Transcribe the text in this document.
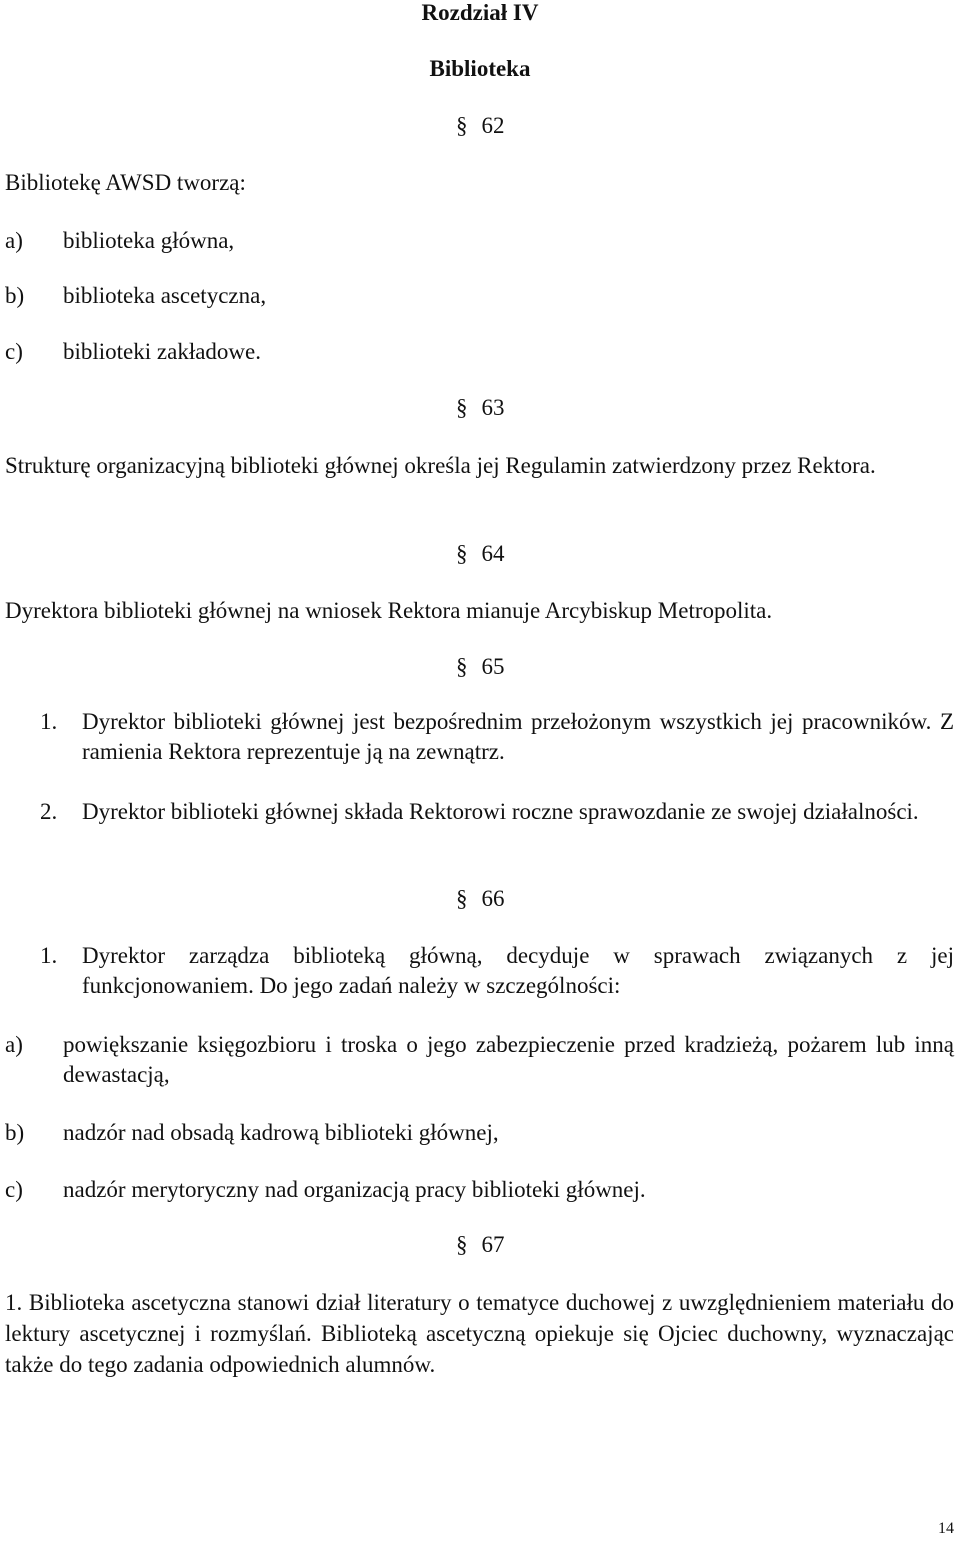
Rozdział IV
Biblioteka
§ 62
Bibliotekę AWSD tworzą:
a) biblioteka główna,
b) biblioteka ascetyczna,
c) biblioteki zakładowe.
§ 63
Strukturę organizacyjną biblioteki głównej określa jej Regulamin zatwierdzony przez Rektora.
§ 64
Dyrektora biblioteki głównej na wniosek Rektora mianuje Arcybiskup Metropolita.
§ 65
1. Dyrektor biblioteki głównej jest bezpośrednim przełożonym wszystkich jej pracowników. Z ramienia Rektora reprezentuje ją na zewnątrz.
2. Dyrektor biblioteki głównej składa Rektorowi roczne sprawozdanie ze swojej działalności.
§ 66
1. Dyrektor zarządza biblioteką główną, decyduje w sprawach związanych z jej funkcjonowaniem. Do jego zadań należy w szczególności:
a) powiększanie księgozbioru i troska o jego zabezpieczenie przed kradzieżą, pożarem lub inną dewastacją,
b) nadzór nad obsadą kadrową biblioteki głównej,
c) nadzór merytoryczny nad organizacją pracy biblioteki głównej.
§ 67
1. Biblioteka ascetyczna stanowi dział literatury o tematyce duchowej z uwzględnieniem materiału do lektury ascetycznej i rozmyślań. Biblioteką ascetyczną opiekuje się Ojciec duchowny, wyznaczając także do tego zadania odpowiednich alumnów.
14
